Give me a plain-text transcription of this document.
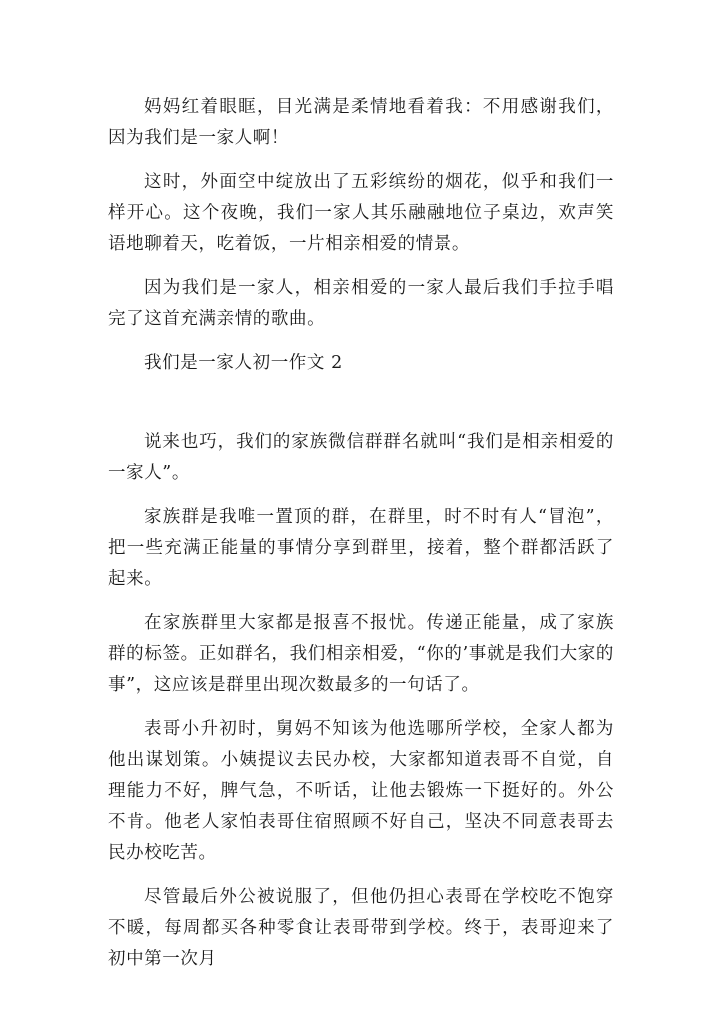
妈妈红着眼眶，目光满是柔情地看着我：不用感谢我们，因为我们是一家人啊！

这时，外面空中绽放出了五彩缤纷的烟花，似乎和我们一样开心。这个夜晚，我们一家人其乐融融地位子桌边，欢声笑语地聊着天，吃着饭，一片相亲相爱的情景。

因为我们是一家人，相亲相爱的一家人最后我们手拉手唱完了这首充满亲情的歌曲。

我们是一家人初一作文 2

说来也巧，我们的家族微信群群名就叫“我们是相亲相爱的一家人”。

家族群是我唯一置顶的群，在群里，时不时有人“冒泡”，把一些充满正能量的事情分享到群里，接着，整个群都活跃了起来。

在家族群里大家都是报喜不报忧。传递正能量，成了家族群的标签。正如群名，我们相亲相爱，“你的’事就是我们大家的事”，这应该是群里出现次数最多的一句话了。

表哥小升初时，舅妈不知该为他选哪所学校，全家人都为他出谋划策。小姨提议去民办校，大家都知道表哥不自觉，自理能力不好，脾气急，不听话，让他去锻炼一下挺好的。外公不肯。他老人家怕表哥住宿照顾不好自己，坚决不同意表哥去民办校吃苦。

尽管最后外公被说服了，但他仍担心表哥在学校吃不饱穿不暖，每周都买各种零食让表哥带到学校。终于，表哥迎来了初中第一次月
